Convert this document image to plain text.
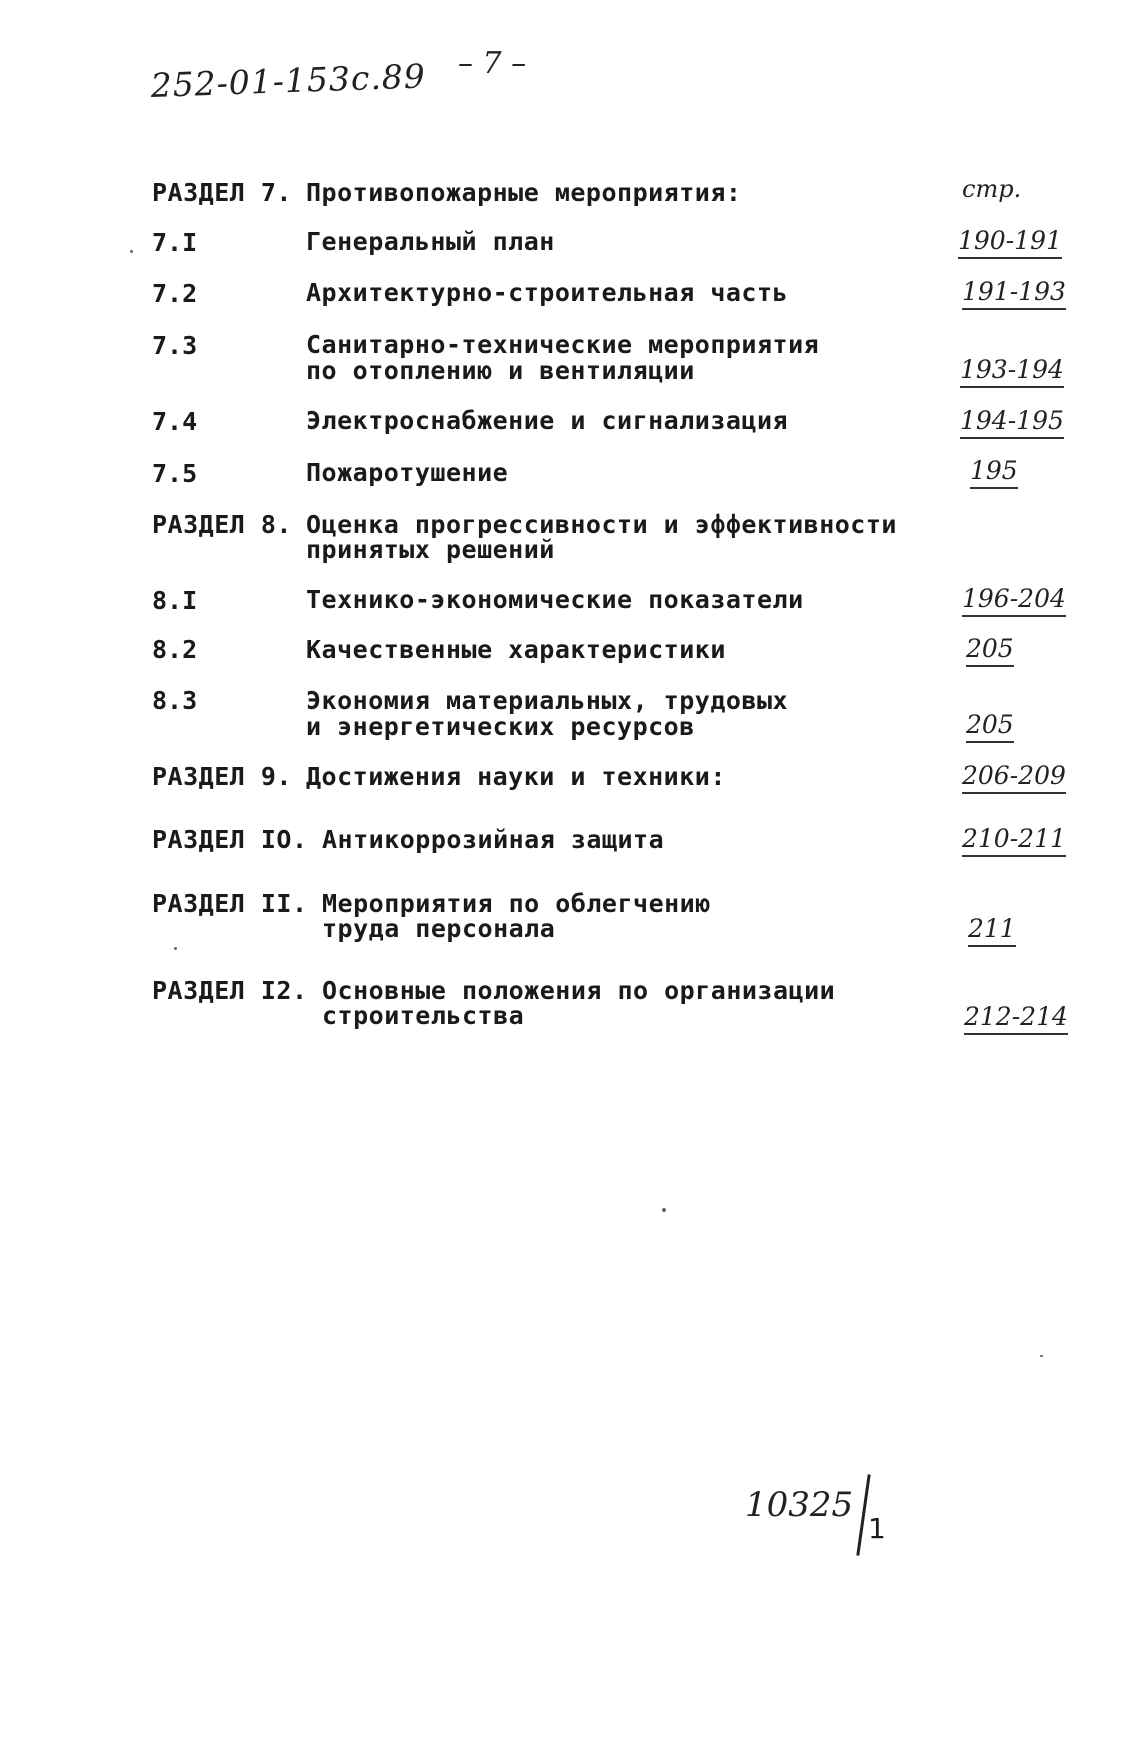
252-01-153с.89 – 7 –
стр.
РАЗДЕЛ 7. Противопожарные мероприятия:
7.I	Генеральный план	190-191
7.2	Архитектурно-строительная часть	191-193
7.3	Санитарно-технические мероприятия
по отоплению и вентиляции	193-194
7.4	Электроснабжение и сигнализация	194-195
7.5	Пожаротушение	195
РАЗДЕЛ 8. Оценка прогрессивности и эффективности
принятых решений
8.I	Технико-экономические показатели	196-204
8.2	Качественные характеристики	205
8.3	Экономия материальных, трудовых
и энергетических ресурсов	205
РАЗДЕЛ 9. Достижения науки и техники:	206-209
РАЗДЕЛ IO. Антикоррозийная защита	210-211
РАЗДЕЛ II. Мероприятия по облегчению
труда персонала	211
РАЗДЕЛ I2. Основные положения по организации
строительства	212-214
10325
1
